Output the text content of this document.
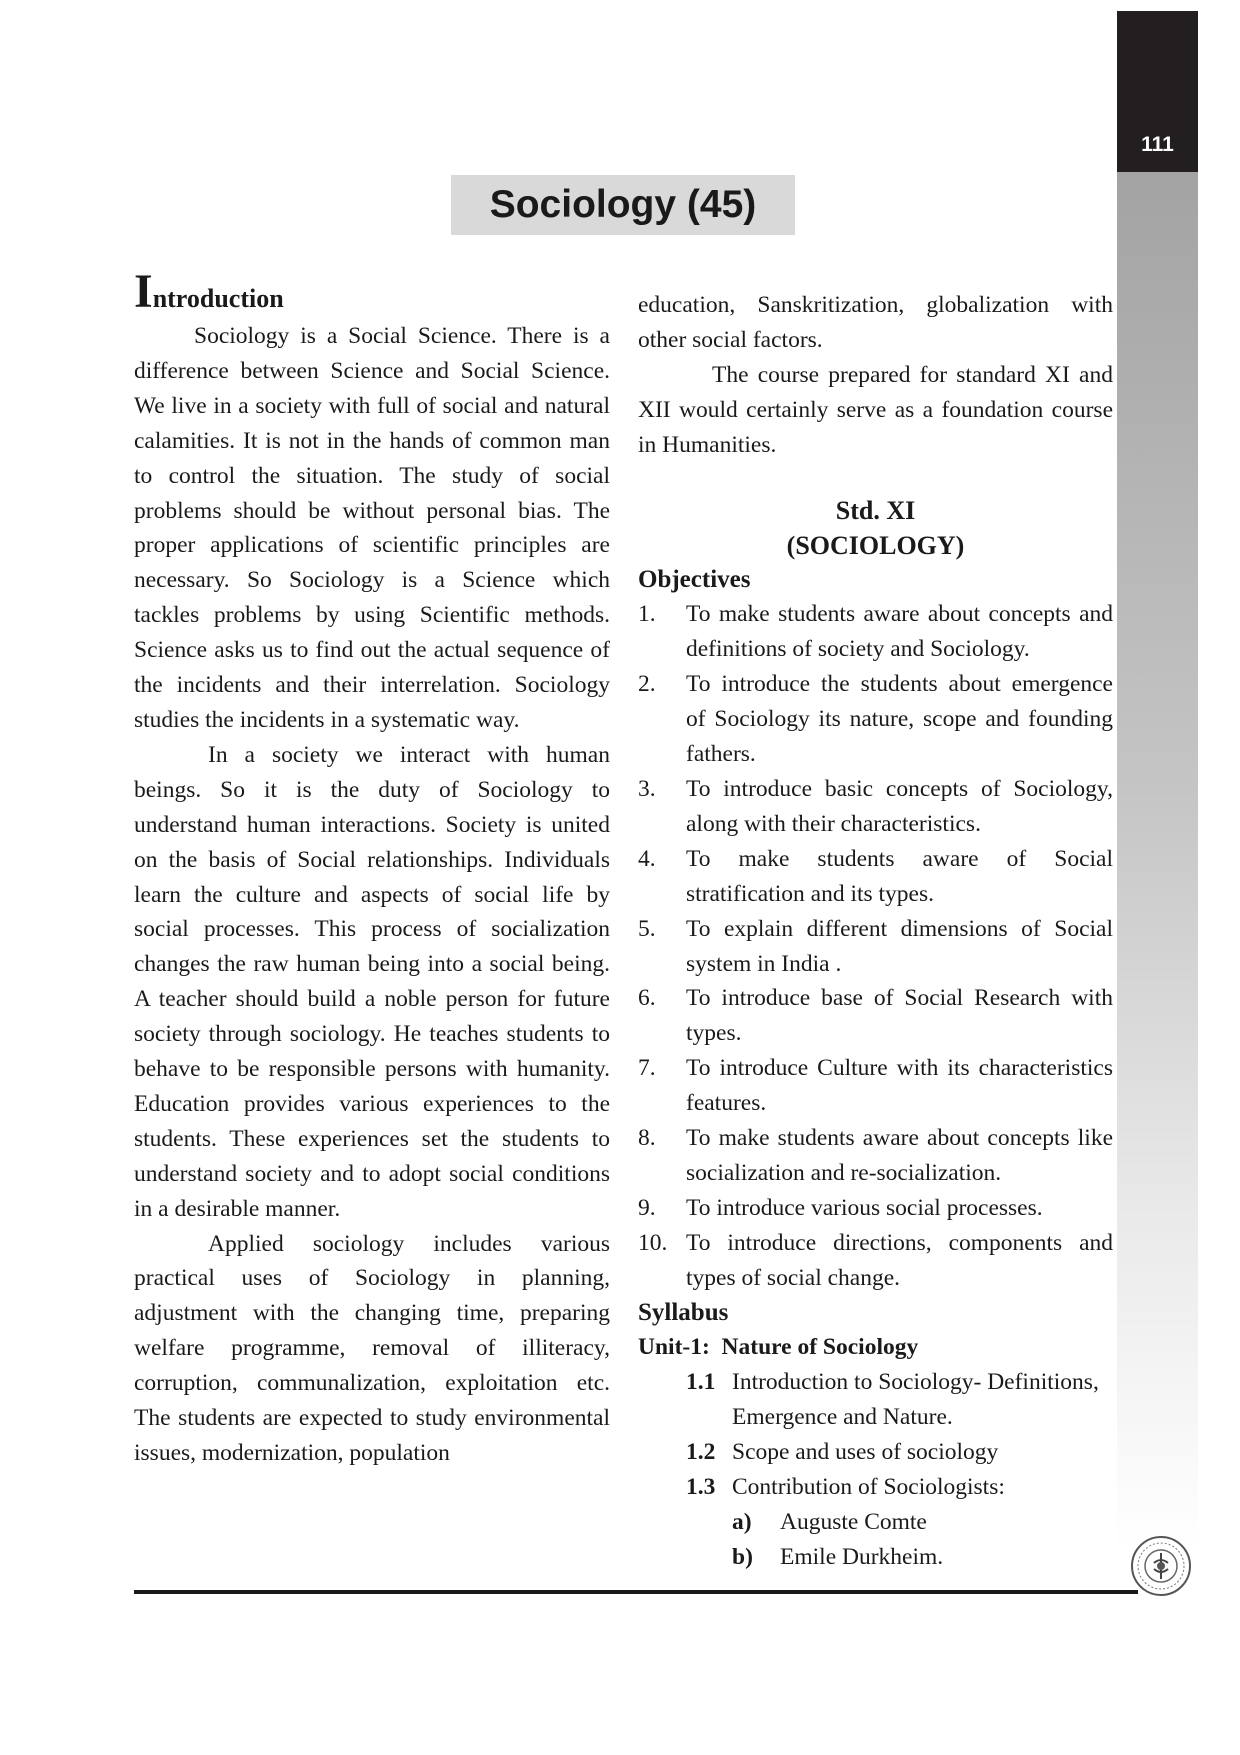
111
Sociology (45)
Introduction

Sociology is a Social Science. There is a difference between Science and Social Science. We live in a society with full of social and natural calamities. It is not in the hands of common man to control the situation. The study of social problems should be without personal bias. The proper applications of scientific principles are necessary. So Sociology is a Science which tackles problems by using Scientific methods. Science asks us to find out the actual sequence of the incidents and their interrelation. Sociology studies the incidents in a systematic way.

In a society we interact with human beings. So it is the duty of Sociology to understand human interactions. Society is united on the basis of Social relationships. Individuals learn the culture and aspects of social life by social processes. This process of socialization changes the raw human being into a social being. A teacher should build a noble person for future society through sociology. He teaches students to behave to be responsible persons with humanity. Education provides various experiences to the students. These experiences set the students to understand society and to adopt social conditions in a desirable manner.

Applied sociology includes various practical uses of Sociology in planning, adjustment with the changing time, preparing welfare programme, removal of illiteracy, corruption, communalization, exploitation etc. The students are expected to study environmental issues, modernization, population

education, Sanskritization, globalization with other social factors.

The course prepared for standard XI and XII would certainly serve as a foundation course in Humanities.

Std. XI
(SOCIOLOGY)
Objectives
1. To make students aware about concepts and definitions of society and Sociology.
2. To introduce the students about emergence of Sociology its nature, scope and founding fathers.
3. To introduce basic concepts of Sociology, along with their characteristics.
4. To make students aware of Social stratification and its types.
5. To explain different dimensions of Social system in India .
6. To introduce base of Social Research with types.
7. To introduce Culture with its characteristics features.
8. To make students aware about concepts like socialization and re-socialization.
9. To introduce various social processes.
10. To introduce directions, components and types of social change.
Syllabus
Unit-1: Nature of Sociology
1.1 Introduction to Sociology- Definitions, Emergence and Nature.
1.2 Scope and uses of sociology
1.3 Contribution of Sociologists:
a) Auguste Comte
b) Emile Durkheim.
